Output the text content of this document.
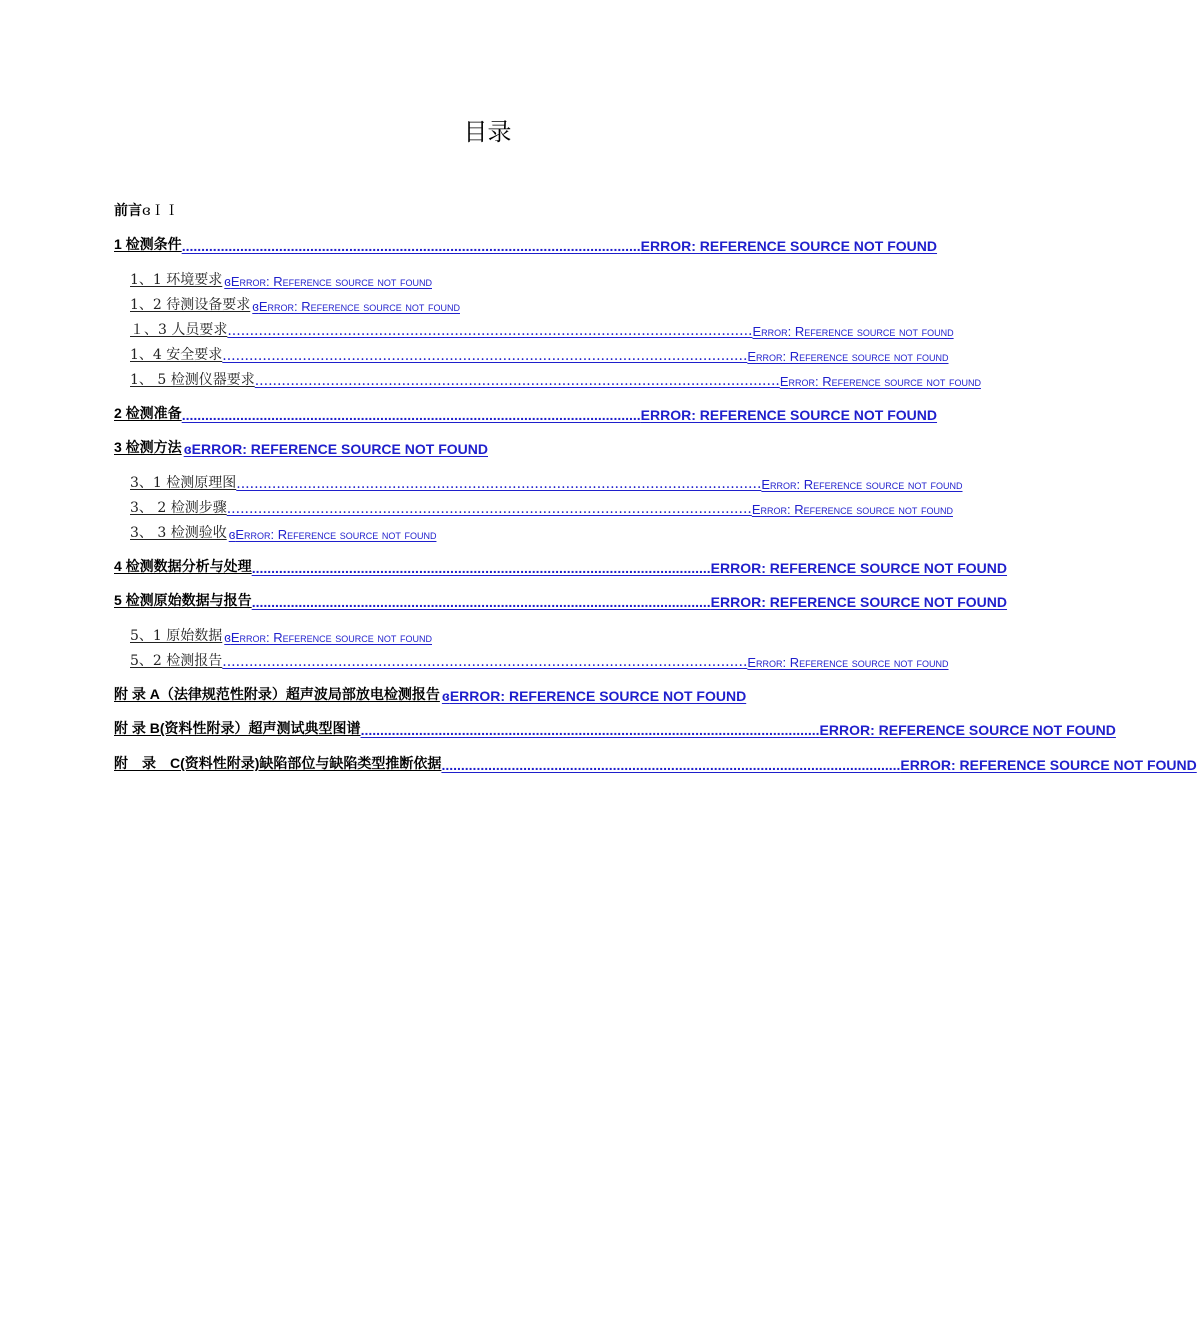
目录
前言 ɞＩＩ
1 检测条件 ...................................................................................................................... ERROR: REFERENCE SOURCE NOT FOUND
1、1 环境要求 ɞError: Reference source not found
1、2 待测设备要求 ɞError: Reference source not found
１、3 人员要求 ...................................................................................................................... Error: Reference source not found
1、4 安全要求 ...................................................................................................................... Error: Reference source not found
1、 5 检测仪器要求 ...................................................................................................................... Error: Reference source not found
2 检测准备 ...................................................................................................................... ERROR: REFERENCE SOURCE NOT FOUND
3 检测方法 ɞERROR: REFERENCE SOURCE NOT FOUND
3、1 检测原理图 ...................................................................................................................... Error: Reference source not found
3、 2 检测步骤 ...................................................................................................................... Error: Reference source not found
3、 3 检测验收 ɞError: Reference source not found
4 检测数据分析与处理 ...................................................................................................................... ERROR: REFERENCE SOURCE NOT FOUND
5 检测原始数据与报告 ...................................................................................................................... ERROR: REFERENCE SOURCE NOT FOUND
5、1 原始数据 ɞError: Reference source not found
5、2 检测报告 ...................................................................................................................... Error: Reference source not found
附 录 A（法律规范性附录）超声波局部放电检测报告 ɞERROR: REFERENCE SOURCE NOT FOUND
附 录 B(资料性附录）超声测试典型图谱 ...................................................................................................................... ERROR: REFERENCE SOURCE NOT FOUND
附　录　C(资料性附录)缺陷部位与缺陷类型推断依据 ...................................................................................................................... ERROR: REFERENCE SOURCE NOT FOUND
